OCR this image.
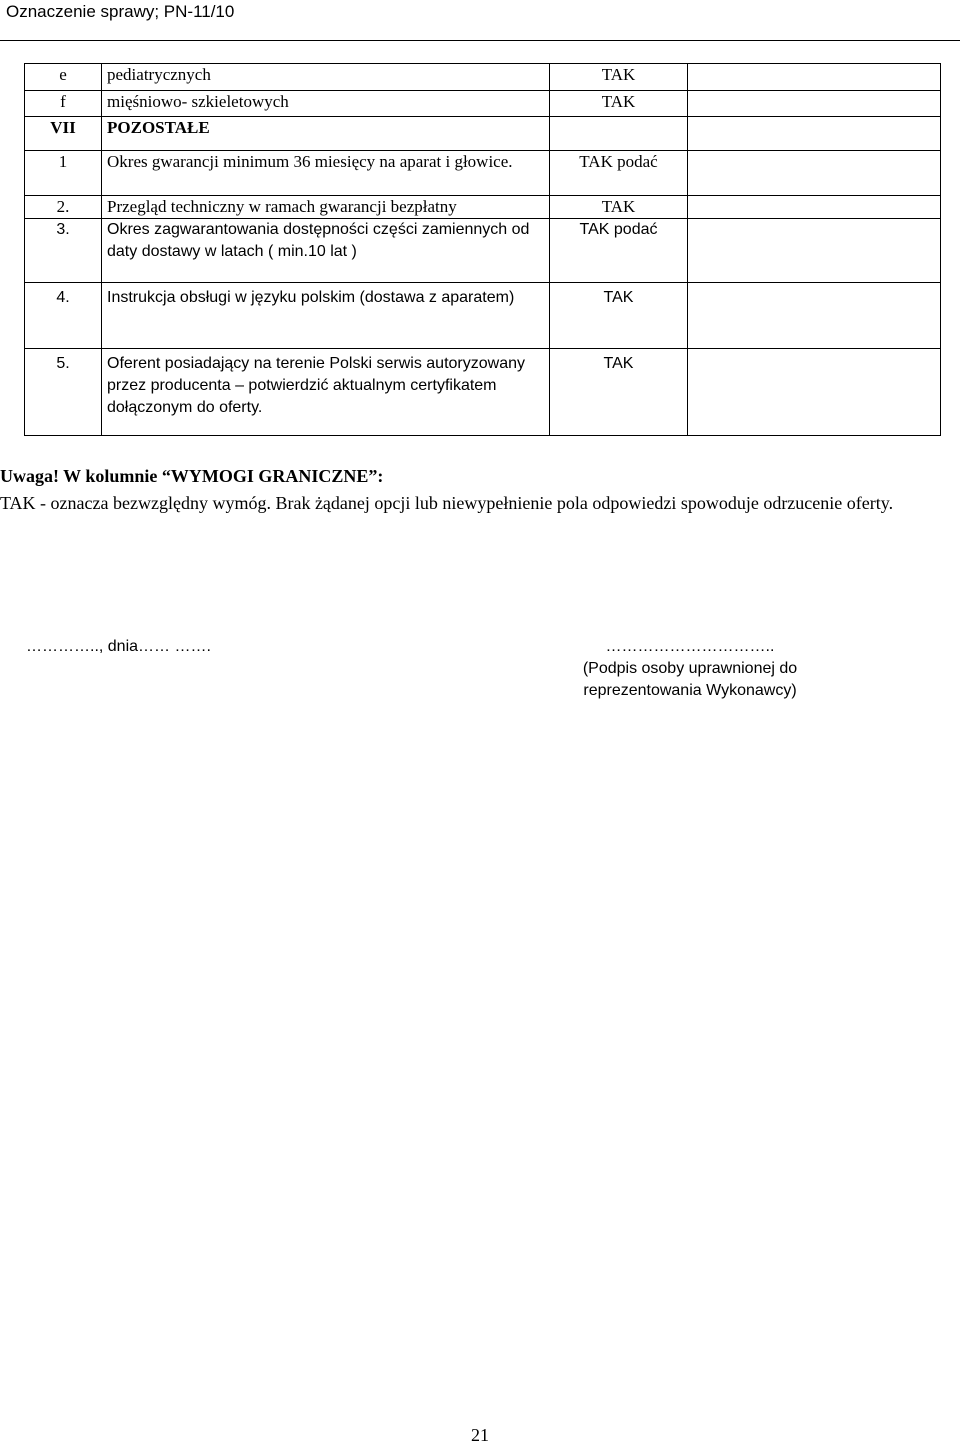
Oznaczenie sprawy; PN-11/10
e	pediatrycznych	TAK	
f	mięśniowo- szkieletowych	TAK	
VII	POZOSTAŁE		
1	Okres gwarancji minimum 36 miesięcy na aparat i głowice.	TAK podać	
2.	Przegląd techniczny w ramach gwarancji bezpłatny	TAK	
3.	Okres zagwarantowania dostępności części zamiennych od daty dostawy w latach ( min.10 lat )	TAK podać	
4.	Instrukcja obsługi w języku polskim (dostawa z aparatem)	TAK	
5.	Oferent posiadający na terenie Polski serwis autoryzowany przez producenta – potwierdzić aktualnym certyfikatem dołączonym do oferty.	TAK	
Uwaga! W kolumnie “WYMOGI GRANICZNE”:
TAK - oznacza bezwzględny wymóg. Brak żądanej opcji lub niewypełnienie pola odpowiedzi spowoduje odrzucenie oferty.
………….., dnia…… …….	…………………………..
(Podpis osoby uprawnionej do
reprezentowania Wykonawcy)
21
